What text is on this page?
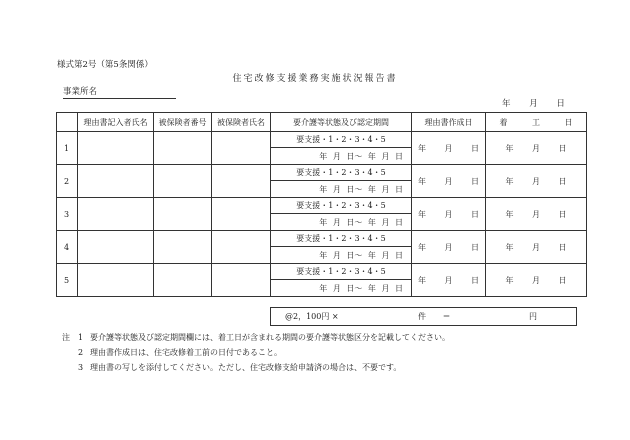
様式第2号（第5条関係）
住宅改修支援業務実施状況報告書
事業所名
年 月 日
	理由書記入者氏名	被保険者番号	被保険者氏名	要介護等状態及び認定期間	理由書作成日	着 工 日
1				要支援・1・2・3・4・5	年 月 日	年 月 日
				年 月 日～ 年 月 日		
2				要支援・1・2・3・4・5	年 月 日	年 月 日
				年 月 日～ 年 月 日		
3				要支援・1・2・3・4・5	年 月 日	年 月 日
				年 月 日～ 年 月 日		
4				要支援・1・2・3・4・5	年 月 日	年 月 日
				年 月 日～ 年 月 日		
5				要支援・1・2・3・4・5	年 月 日	年 月 日
				年 月 日～ 年 月 日		
@2，100円 ×	件 ＝	円
注 1 要介護等状態及び認定期間欄には、着工日が含まれる期間の要介護等状態区分を記載してください。
2 理由書作成日は、住宅改修着工前の日付であること。
3 理由書の写しを添付してください。ただし、住宅改修支給申請済の場合は、不要です。
